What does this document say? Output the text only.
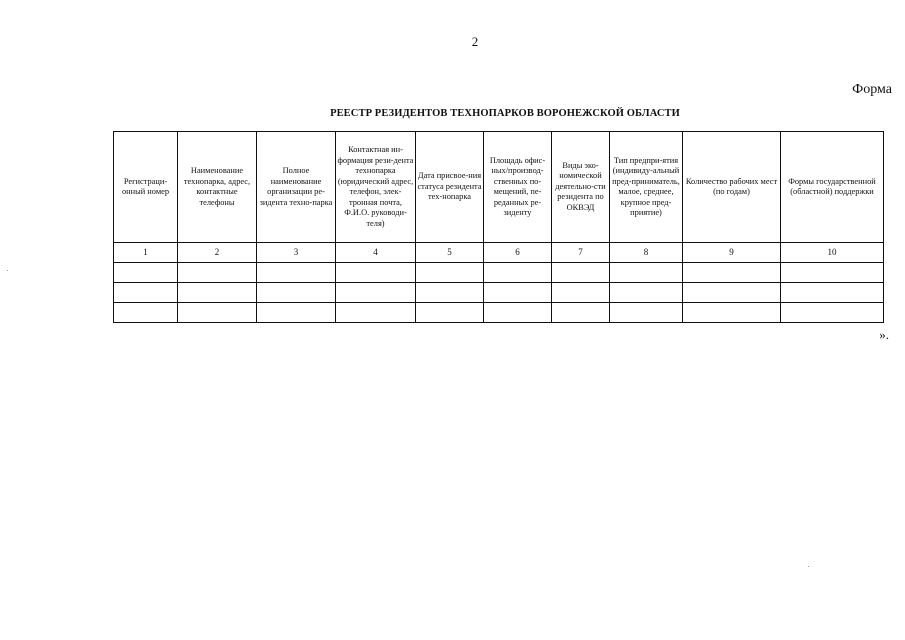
2
Форма
РЕЕСТР РЕЗИДЕНТОВ ТЕХНОПАРКОВ ВОРОНЕЖСКОЙ ОБЛАСТИ
Регистраци-онный номер	Наименование технопарка, адрес, контактные телефоны	Полное наименование организации ре-зидента техно-парка	Контактная ин-формация рези-дента технопарка (юридический адрес, телефон, элек-тронная почта, Ф.И.О. руководи-теля)	Дата присвое-ния статуса резидента тех-нопарка	Площадь офис-ных/производ-ственных по-мещений, пе-реданных ре-зиденту	Виды эко-номической деятельно-сти резидента по ОКВЭД	Тип предпри-ятия (индивиду-альный пред-приниматель, малое, среднее, крупное пред-приятие)	Количество рабочих мест (по годам)	Формы государственной (областной) поддержки
1	2	3	4	5	6	7	8	9	10

».
